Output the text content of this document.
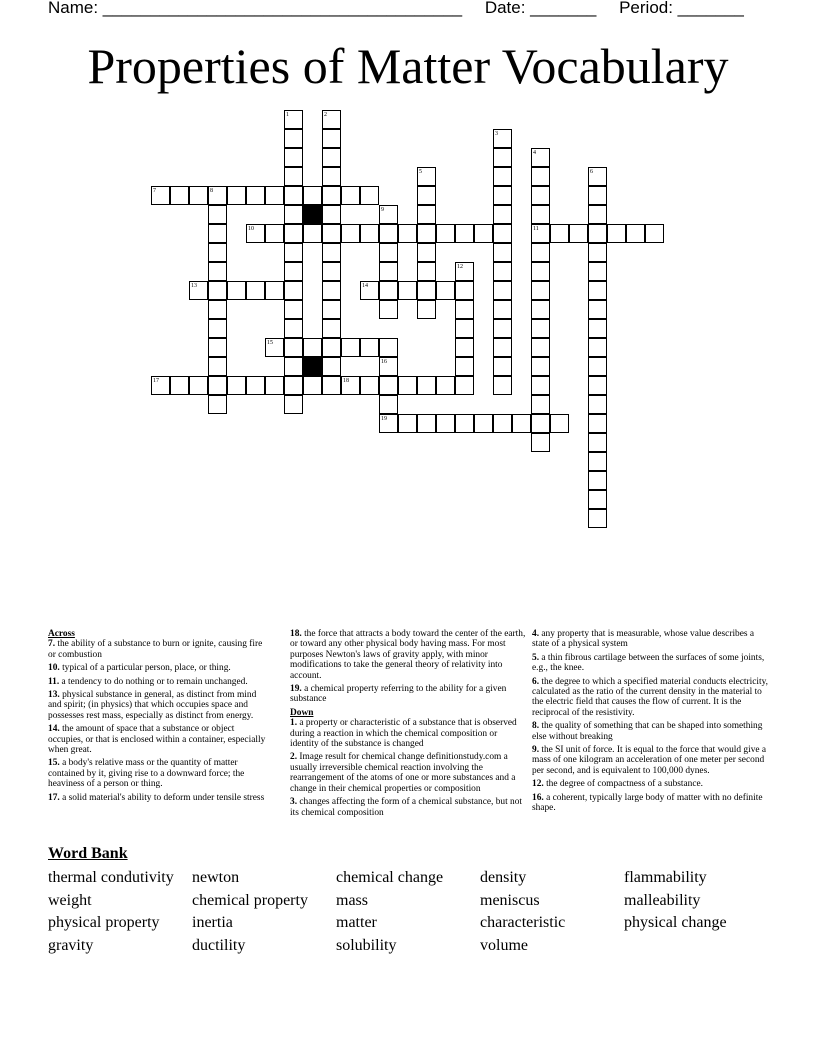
Name: ______________________________________ Date: _______ Period: _______
Properties of Matter Vocabulary
1	2
3
4
11
5	6
7	8
9
10
12
13	14
15
16
19
17	18
Across
7. the ability of a substance to burn or ignite, causing fire or combustion
10. typical of a particular person, place, or thing.
11. a tendency to do nothing or to remain unchanged.
13. physical substance in general, as distinct from mind and spirit; (in physics) that which occupies space and possesses rest mass, especially as distinct from energy.
14. the amount of space that a substance or object occupies, or that is enclosed within a container, especially when great.
15. a body's relative mass or the quantity of matter contained by it, giving rise to a downward force; the heaviness of a person or thing.
17. a solid material's ability to deform under tensile stress
18. the force that attracts a body toward the center of the earth, or toward any other physical body having mass. For most purposes Newton's laws of gravity apply, with minor modifications to take the general theory of relativity into account.
19. a chemical property referring to the ability for a given substance
Down
1. a property or characteristic of a substance that is observed during a reaction in which the chemical composition or identity of the substance is changed
2. Image result for chemical change definitionstudy.com a usually irreversible chemical reaction involving the rearrangement of the atoms of one or more substances and a change in their chemical properties or composition
3. changes affecting the form of a chemical substance, but not its chemical composition
4. any property that is measurable, whose value describes a state of a physical system
5. a thin fibrous cartilage between the surfaces of some joints, e.g., the knee.
6. the degree to which a specified material conducts electricity, calculated as the ratio of the current density in the material to the electric field that causes the flow of current. It is the reciprocal of the resistivity.
8. the quality of something that can be shaped into something else without breaking
9. the SI unit of force. It is equal to the force that would give a mass of one kilogram an acceleration of one meter per second per second, and is equivalent to 100,000 dynes.
12. the degree of compactness of a substance.
16. a coherent, typically large body of matter with no definite shape.
Word Bank
thermal condutivity	newton	chemical change	density	flammability
weight	chemical property	mass	meniscus	malleability
physical property	inertia	matter	characteristic	physical change
gravity	ductility	solubility	volume
